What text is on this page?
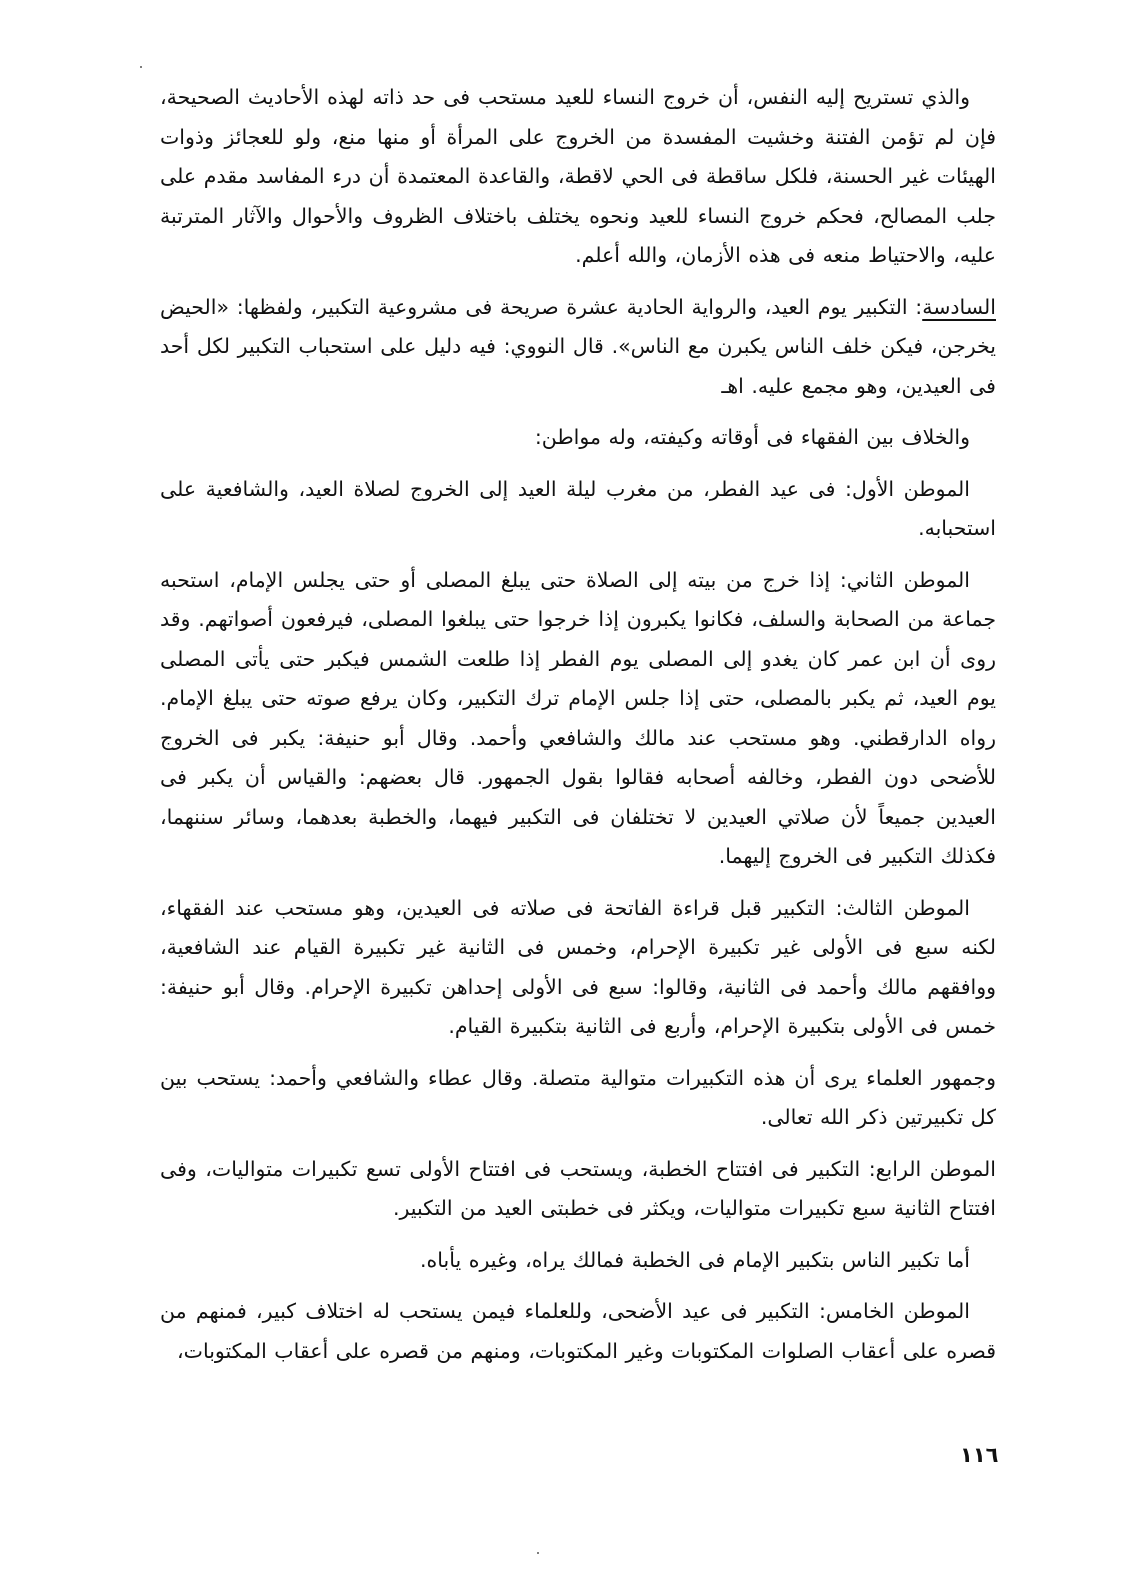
والذي تستريح إليه النفس، أن خروج النساء للعيد مستحب فى حد ذاته لهذه الأحاديث الصحيحة، فإن لم تؤمن الفتنة وخشيت المفسدة من الخروج على المرأة أو منها منع، ولو للعجائز وذوات الهيئات غير الحسنة، فلكل ساقطة فى الحي لاقطة، والقاعدة المعتمدة أن درء المفاسد مقدم على جلب المصالح، فحكم خروج النساء للعيد ونحوه يختلف باختلاف الظروف والأحوال والآثار المترتبة عليه، والاحتياط منعه فى هذه الأزمان، والله أعلم.

السادسة: التكبير يوم العيد، والرواية الحادية عشرة صريحة فى مشروعية التكبير، ولفظها: «الحيض يخرجن، فيكن خلف الناس يكبرن مع الناس». قال النووي: فيه دليل على استحباب التكبير لكل أحد فى العيدين، وهو مجمع عليه. اهـ

والخلاف بين الفقهاء فى أوقاته وكيفته، وله مواطن:

الموطن الأول: فى عيد الفطر، من مغرب ليلة العيد إلى الخروج لصلاة العيد، والشافعية على استحبابه.

الموطن الثاني: إذا خرج من بيته إلى الصلاة حتى يبلغ المصلى أو حتى يجلس الإمام، استحبه جماعة من الصحابة والسلف، فكانوا يكبرون إذا خرجوا حتى يبلغوا المصلى، فيرفعون أصواتهم. وقد روى أن ابن عمر كان يغدو إلى المصلى يوم الفطر إذا طلعت الشمس فيكبر حتى يأتى المصلى يوم العيد، ثم يكبر بالمصلى، حتى إذا جلس الإمام ترك التكبير، وكان يرفع صوته حتى يبلغ الإمام. رواه الدارقطني. وهو مستحب عند مالك والشافعي وأحمد. وقال أبو حنيفة: يكبر فى الخروج للأضحى دون الفطر، وخالفه أصحابه فقالوا بقول الجمهور. قال بعضهم: والقياس أن يكبر فى العيدين جميعاً لأن صلاتي العيدين لا تختلفان فى التكبير فيهما، والخطبة بعدهما، وسائر سننهما، فكذلك التكبير فى الخروج إليهما.

الموطن الثالث: التكبير قبل قراءة الفاتحة فى صلاته فى العيدين، وهو مستحب عند الفقهاء، لكنه سبع فى الأولى غير تكبيرة الإحرام، وخمس فى الثانية غير تكبيرة القيام عند الشافعية، ووافقهم مالك وأحمد فى الثانية، وقالوا: سبع فى الأولى إحداهن تكبيرة الإحرام. وقال أبو حنيفة: خمس فى الأولى بتكبيرة الإحرام، وأربع فى الثانية بتكبيرة القيام.

وجمهور العلماء يرى أن هذه التكبيرات متوالية متصلة. وقال عطاء والشافعي وأحمد: يستحب بين كل تكبيرتين ذكر الله تعالى.

الموطن الرابع: التكبير فى افتتاح الخطبة، ويستحب فى افتتاح الأولى تسع تكبيرات متواليات، وفى افتتاح الثانية سبع تكبيرات متواليات، ويكثر فى خطبتى العيد من التكبير.

أما تكبير الناس بتكبير الإمام فى الخطبة فمالك يراه، وغيره يأباه.

الموطن الخامس: التكبير فى عيد الأضحى، وللعلماء فيمن يستحب له اختلاف كبير، فمنهم من قصره على أعقاب الصلوات المكتوبات وغير المكتوبات، ومنهم من قصره على أعقاب المكتوبات،

١١٦
